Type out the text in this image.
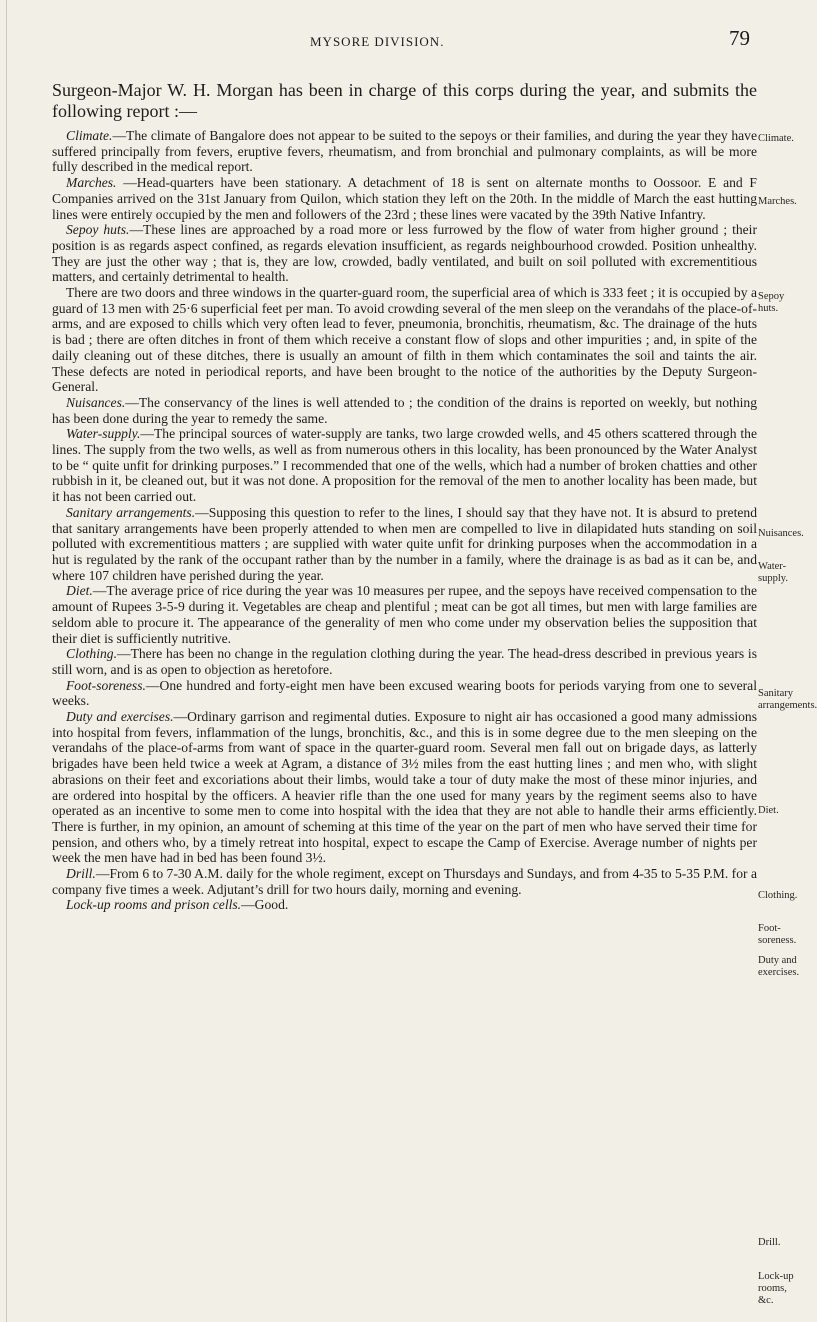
MYSORE DIVISION.	79

Surgeon-Major W. H. Morgan has been in charge of this corps during the year, and submits the following report :—

Climate.—The climate of Bangalore does not appear to be suited to the sepoys or their families, and during the year they have suffered principally from fevers, eruptive fevers, rheumatism, and from bronchial and pulmonary complaints, as will be more fully described in the medical report.

Marches. —Head-quarters have been stationary. A detachment of 18 is sent on alternate months to Oossoor. E and F Companies arrived on the 31st January from Quilon, which station they left on the 20th. In the middle of March the east hutting lines were entirely occupied by the men and followers of the 23rd ; these lines were vacated by the 39th Native Infantry.

Sepoy huts.—These lines are approached by a road more or less furrowed by the flow of water from higher ground ; their position is as regards aspect confined, as regards elevation insufficient, as regards neighbourhood crowded. Position unhealthy. They are just the other way ; that is, they are low, crowded, badly ventilated, and built on soil polluted with excrementitious matters, and certainly detrimental to health.

There are two doors and three windows in the quarter-guard room, the superficial area of which is 333 feet ; it is occupied by a guard of 13 men with 25·6 superficial feet per man. To avoid crowding several of the men sleep on the verandahs of the place-of-arms, and are exposed to chills which very often lead to fever, pneumonia, bronchitis, rheumatism, &c. The drainage of the huts is bad ; there are often ditches in front of them which receive a constant flow of slops and other impurities ; and, in spite of the daily cleaning out of these ditches, there is usually an amount of filth in them which contaminates the soil and taints the air. These defects are noted in periodical reports, and have been brought to the notice of the authorities by the Deputy Surgeon-General.

Nuisances.—The conservancy of the lines is well attended to ; the condition of the drains is reported on weekly, but nothing has been done during the year to remedy the same.

Water-supply.—The principal sources of water-supply are tanks, two large crowded wells, and 45 others scattered through the lines. The supply from the two wells, as well as from numerous others in this locality, has been pronounced by the Water Analyst to be “ quite unfit for drinking purposes.” I recommended that one of the wells, which had a number of broken chatties and other rubbish in it, be cleaned out, but it was not done. A proposition for the removal of the men to another locality has been made, but it has not been carried out.

Sanitary arrangements.—Supposing this question to refer to the lines, I should say that they have not. It is absurd to pretend that sanitary arrangements have been properly attended to when men are compelled to live in dilapidated huts standing on soil polluted with excrementitious matters ; are supplied with water quite unfit for drinking purposes when the accommodation in a hut is regulated by the rank of the occupant rather than by the number in a family, where the drainage is as bad as it can be, and where 107 children have perished during the year.

Diet.—The average price of rice during the year was 10 measures per rupee, and the sepoys have received compensation to the amount of Rupees 3-5-9 during it. Vegetables are cheap and plentiful ; meat can be got all times, but men with large families are seldom able to procure it. The appearance of the generality of men who come under my observation belies the supposition that their diet is sufficiently nutritive.

Clothing.—There has been no change in the regulation clothing during the year. The head-dress described in previous years is still worn, and is as open to objection as heretofore.

Foot-soreness.—One hundred and forty-eight men have been excused wearing boots for periods varying from one to several weeks.

Duty and exercises.—Ordinary garrison and regimental duties. Exposure to night air has occasioned a good many admissions into hospital from fevers, inflammation of the lungs, bronchitis, &c., and this is in some degree due to the men sleeping on the verandahs of the place-of-arms from want of space in the quarter-guard room. Several men fall out on brigade days, as latterly brigades have been held twice a week at Agram, a distance of 3½ miles from the east hutting lines ; and men who, with slight abrasions on their feet and excoriations about their limbs, would take a tour of duty make the most of these minor injuries, and are ordered into hospital by the officers. A heavier rifle than the one used for many years by the regiment seems also to have operated as an incentive to some men to come into hospital with the idea that they are not able to handle their arms efficiently. There is further, in my opinion, an amount of scheming at this time of the year on the part of men who have served their time for pension, and others who, by a timely retreat into hospital, expect to escape the Camp of Exercise. Average number of nights per week the men have had in bed has been found 3½.

Drill.—From 6 to 7-30 A.M. daily for the whole regiment, except on Thursdays and Sundays, and from 4-35 to 5-35 P.M. for a company five times a week. Adjutant’s drill for two hours daily, morning and evening.

Lock-up rooms and prison cells.—Good.

Climate.
Marches.
Sepoy huts.
Nuisances.
Water-supply.
Sanitary arrangements.
Diet.
Clothing.
Foot-soreness.
Duty and exercises.
Drill.
Lock-up rooms, &c.
